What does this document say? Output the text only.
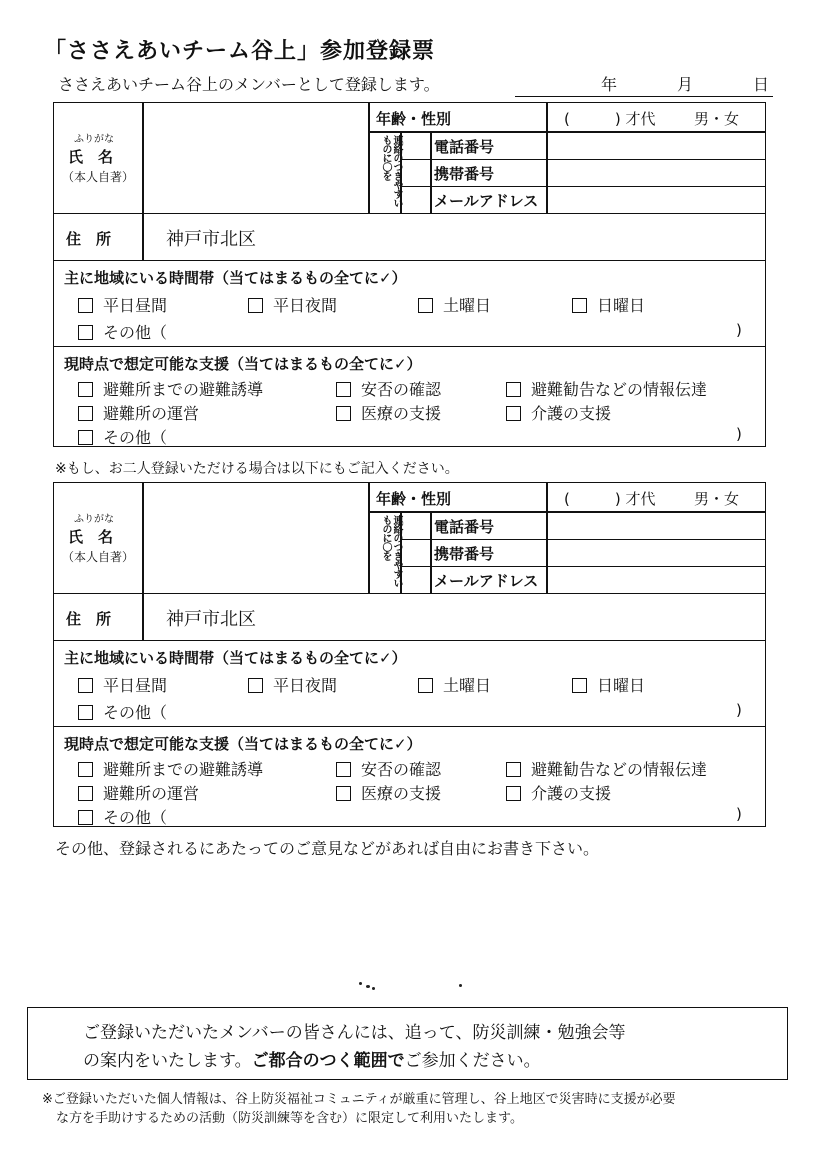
「ささえあいチーム谷上」参加登録票
ささえあいチーム谷上のメンバーとして登録します。	年	月	日
ふりがな
氏　名
（本人自著）
年齢・性別	(　　　) 才代	男・女
連絡のつきやすいものに〇を	電話番号
携帯番号
メールアドレス
住　所	神戸市北区
主に地域にいる時間帯（当てはまるもの全てに✓）
平日昼間	平日夜間	土曜日	日曜日
その他（	)
現時点で想定可能な支援（当てはまるもの全てに✓）
避難所までの避難誘導	安否の確認	避難勧告などの情報伝達
避難所の運営	医療の支援	介護の支援
その他（	)
※もし、お二人登録いただける場合は以下にもご記入ください。
ふりがな
氏　名
（本人自著）
年齢・性別	(　　　) 才代	男・女
連絡のつきやすいものに〇を	電話番号
携帯番号
メールアドレス
住　所	神戸市北区
主に地域にいる時間帯（当てはまるもの全てに✓）
平日昼間	平日夜間	土曜日	日曜日
その他（	)
現時点で想定可能な支援（当てはまるもの全てに✓）
避難所までの避難誘導	安否の確認	避難勧告などの情報伝達
避難所の運営	医療の支援	介護の支援
その他（	)
その他、登録されるにあたってのご意見などがあれば自由にお書き下さい。

ご登録いただいたメンバーの皆さんには、追って、防災訓練・勉強会等

の案内をいたします。ご都合のつく範囲でご参加ください。

※ご登録いただいた個人情報は、谷上防災福祉コミュニティが厳重に管理し、谷上地区で災害時に支援が必要
な方を手助けするための活動（防災訓練等を含む）に限定して利用いたします。
